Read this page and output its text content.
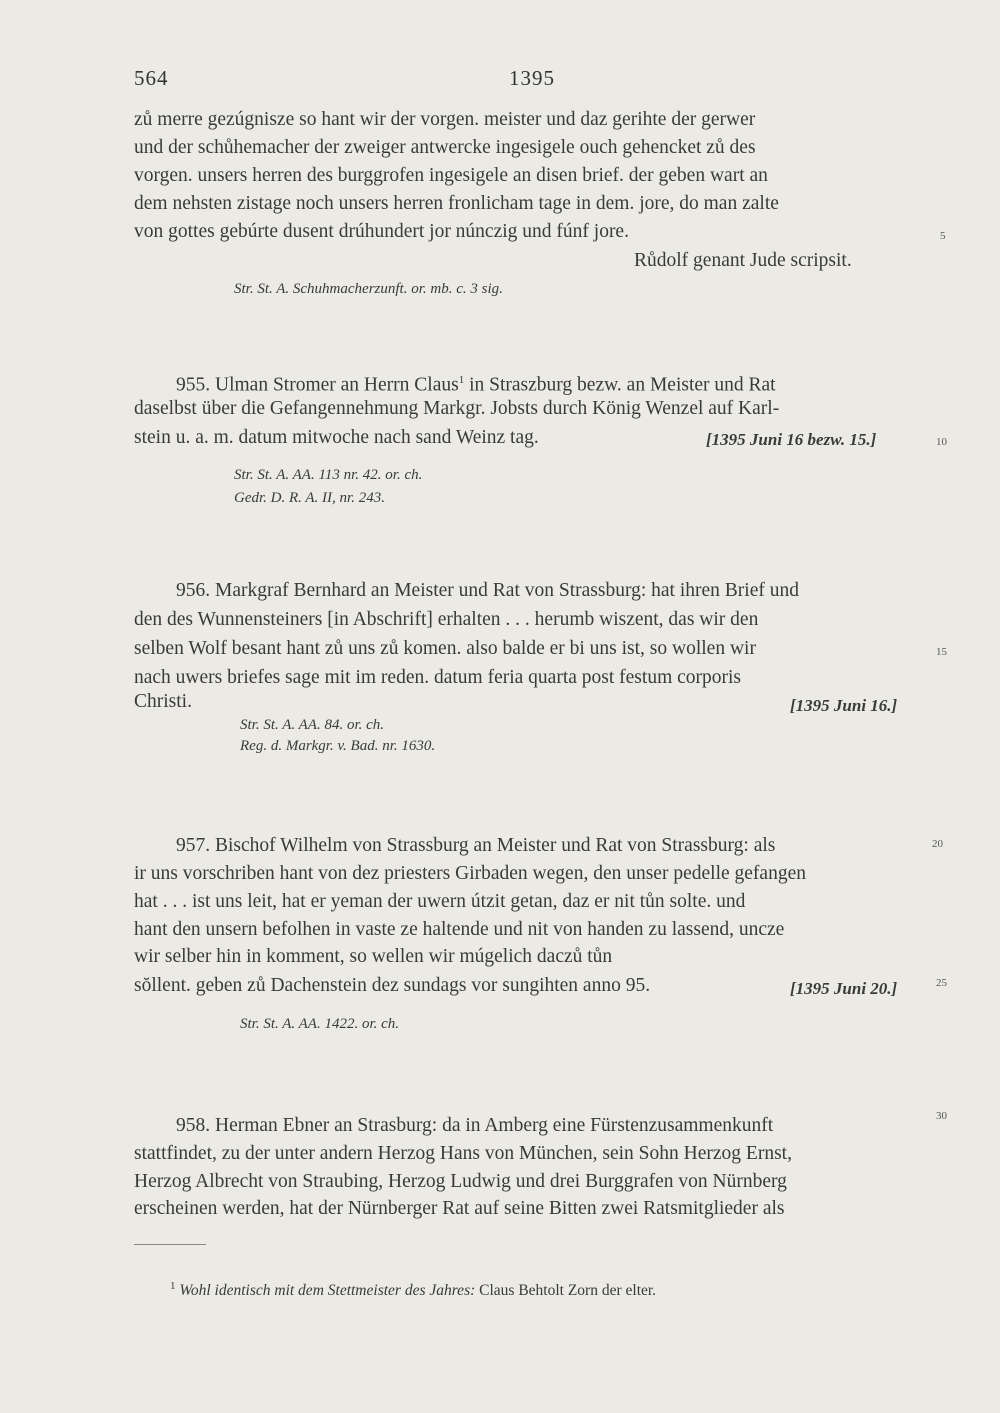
564	1395
zů merre gezúgnisze so hant wir der vorgen. meister und daz gerihte der gerwer
und der schůhemacher der zweiger antwercke ingesigele ouch gehencket zů des
vorgen. unsers herren des burggrofen ingesigele an disen brief. der geben wart an
dem nehsten zistage noch unsers herren fronlicham tage in dem. jore, do man zalte
von gottes gebúrte dusent drúhundert jor núnczig und fúnf jore.
Růdolf genant Jude scripsit.
Str. St. A. Schuhmacherzunft. or. mb. c. 3 sig.
955. Ulman Stromer an Herrn Claus$^1$ in Straszburg bezw. an Meister und Rat
daselbst über die Gefangennehmung Markgr. Jobsts durch König Wenzel auf Karl-
stein u. a. m. datum mitwoche nach sand Weinz tag.	[1395 Juni 16 bezw. 15.]
Str. St. A. AA. 113 nr. 42. or. ch.
Gedr. D. R. A. II, nr. 243.
956. Markgraf Bernhard an Meister und Rat von Strassburg: hat ihren Brief und
den des Wunnensteiners [in Abschrift] erhalten . . . herumb wiszent, das wir den
selben Wolf besant hant zů uns zů komen. also balde er bi uns ist, so wollen wir
nach uwers briefes sage mit im reden. datum feria quarta post festum corporis
Christi.	[1395 Juni 16.]
Str. St. A. AA. 84. or. ch.
Reg. d. Markgr. v. Bad. nr. 1630.
957. Bischof Wilhelm von Strassburg an Meister und Rat von Strassburg: als
ir uns vorschriben hant von dez priesters Girbaden wegen, den unser pedelle gefangen
hat . . . ist uns leit, hat er yeman der uwern útzit getan, daz er nit tůn solte. und
hant den unsern befolhen in vaste ze haltende und nit von handen zu lassend, uncze
wir selber hin in komment, so wellen wir múgelich daczů tůn
sŏllent. geben zů Dachenstein dez sundags vor sungihten anno 95.	[1395 Juni 20.]
Str. St. A. AA. 1422. or. ch.
958. Herman Ebner an Strasburg: da in Amberg eine Fürstenzusammenkunft
stattfindet, zu der unter andern Herzog Hans von München, sein Sohn Herzog Ernst,
Herzog Albrecht von Straubing, Herzog Ludwig und drei Burggrafen von Nürnberg
erscheinen werden, hat der Nürnberger Rat auf seine Bitten zwei Ratsmitglieder als
5
10
15
20
25
30
$^1$ Wohl identisch mit dem Stettmeister des Jahres: Claus Behtolt Zorn der elter.
